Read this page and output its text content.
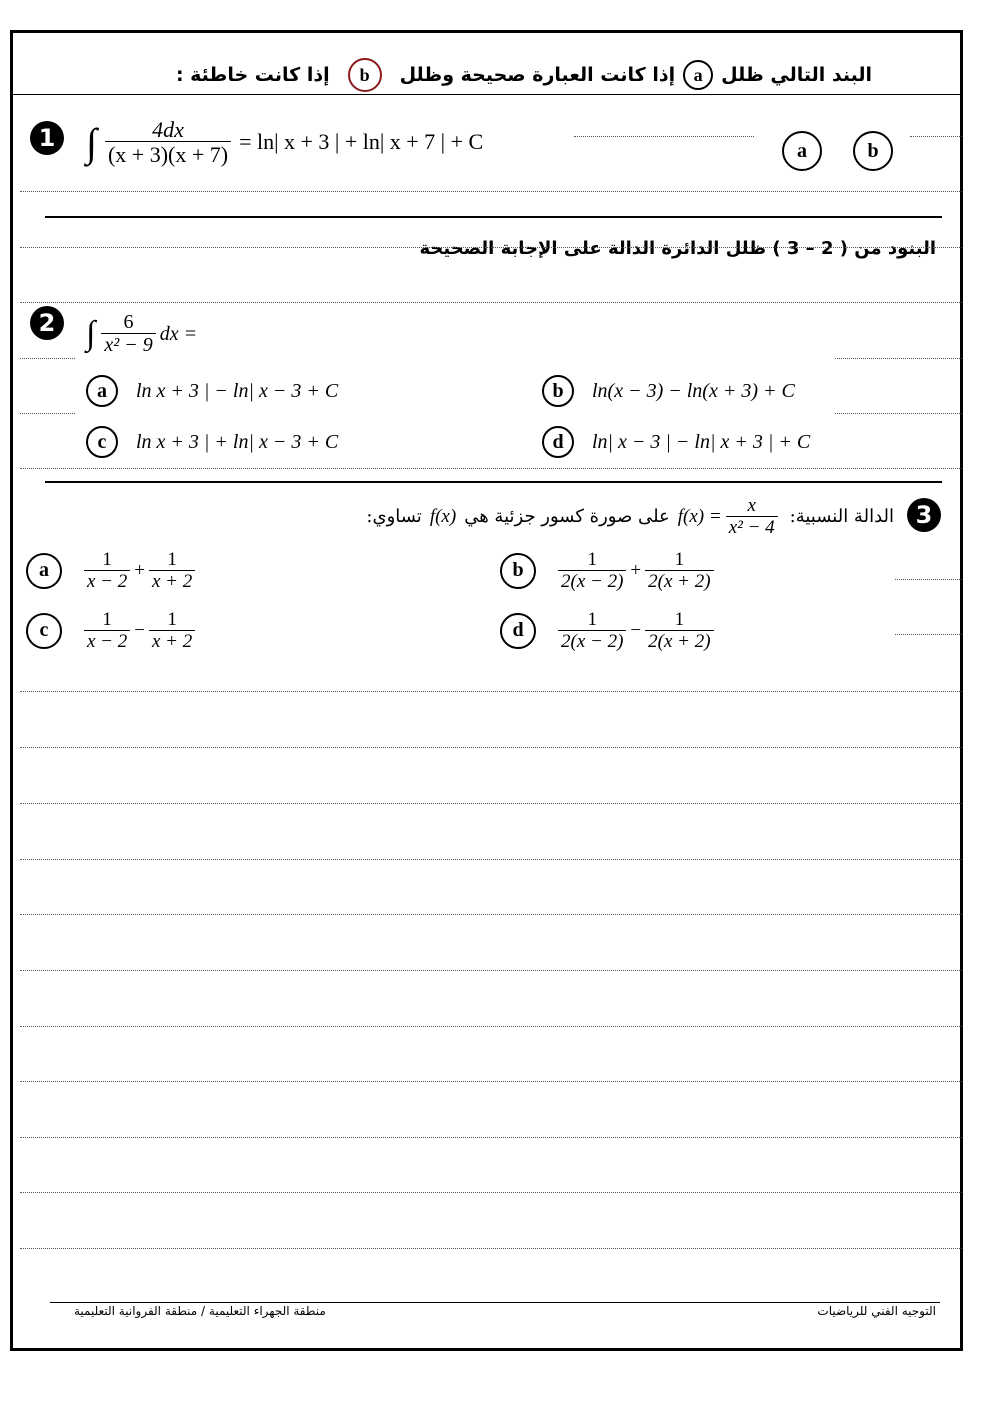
البند التالي ظلل
a
إذا كانت العبارة صحيحة وظلل
b
إذا كانت خاطئة :
1 ∫ $\frac{4dx}{(x + 3)(x + 7)} = \ln|$ x + 3 | + ln| x + 7 | + C	a	b
البنود من ( 2 – 3 ) ظلل الدائرة الدالة على الإجابة الصحيحة
2 ∫ $\frac{6}{\text{x² − 9}}$ dx =
a	ln x + 3 | − ln| x − 3 + C	b	ln(x − 3) − ln(x + 3) + C
c	ln x + 3 | + ln| x − 3 + C	d	ln| x − 3 | − ln| x + 3 | + C
3
الدالة النسبية:
$f(x) = \frac{x}{\text{x² − 4}}$
على صورة كسور جزئية هي
f(x)
تساوي:
a	$\frac{1}{x - 2} + \frac{1}{x + 2}$	b	$\frac{1}{2(x - 2)} + \frac{1}{2(x + 2)}$
c	$\frac{1}{x - 2} - \frac{1}{x + 2}$	d	$\frac{1}{2(x - 2)} - \frac{1}{2(x + 2)}$
منطقة الجهراء التعليمية / منطقة الفروانية التعليمية	التوجيه الفني للرياضيات
